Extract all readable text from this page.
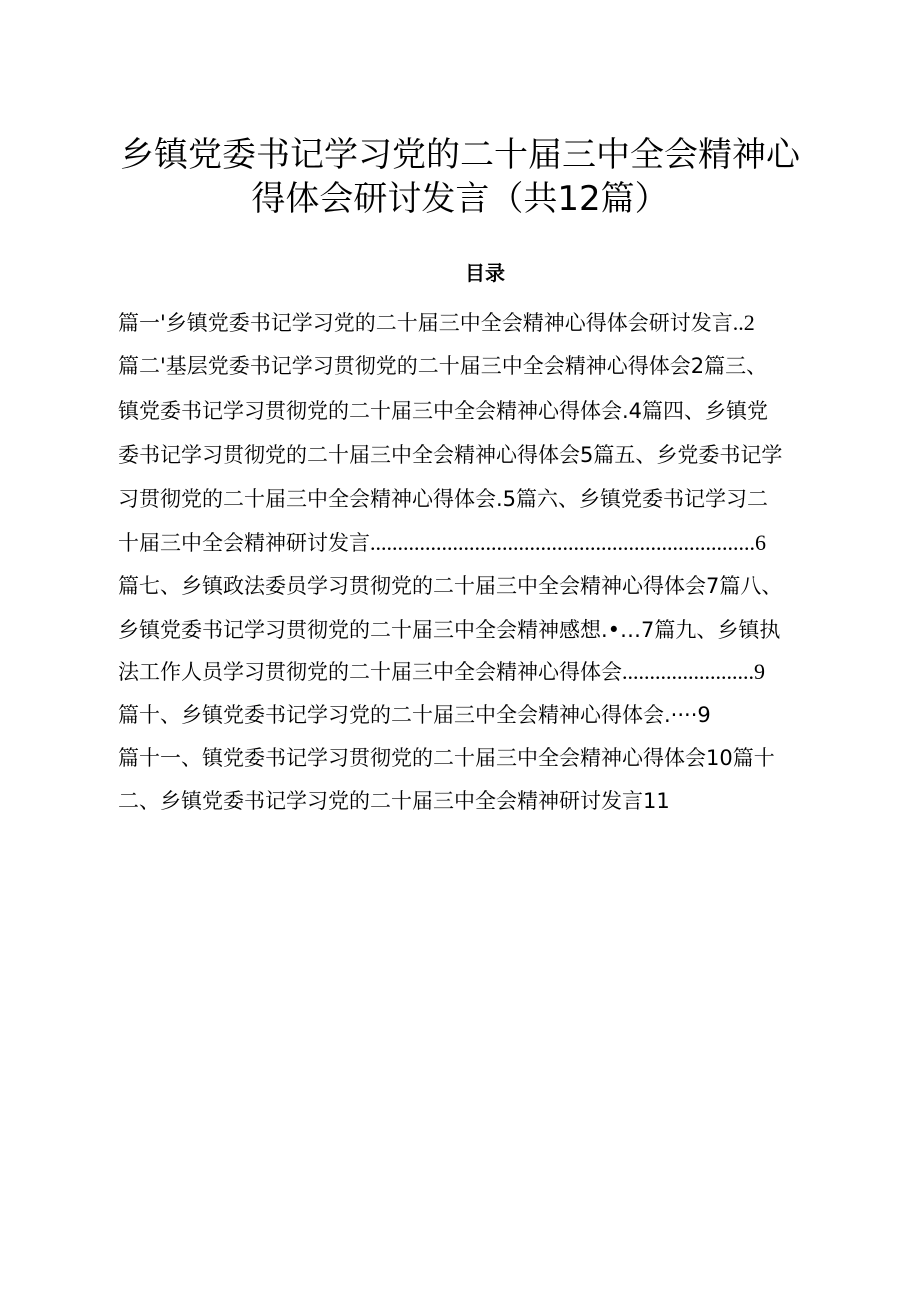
乡镇党委书记学习党的二十届三中全会精神心
得体会研讨发言（共12篇）
目录
篇一'乡镇党委书记学习党的二十届三中全会精神心得体会研讨发言..2
篇二'基层党委书记学习贯彻党的二十届三中全会精神心得体会2篇三、
镇党委书记学习贯彻党的二十届三中全会精神心得体会.4篇四、乡镇党
委书记学习贯彻党的二十届三中全会精神心得体会5篇五、乡党委书记学
习贯彻党的二十届三中全会精神心得体会.5篇六、乡镇党委书记学习二
十届三中全会精神研讨发言......................................................................6
篇七、乡镇政法委员学习贯彻党的二十届三中全会精神心得体会7篇八、
乡镇党委书记学习贯彻党的二十届三中全会精神感想.•…7篇九、乡镇执
法工作人员学习贯彻党的二十届三中全会精神心得体会........................9
篇十、乡镇党委书记学习党的二十届三中全会精神心得体会.····9
篇十一、镇党委书记学习贯彻党的二十届三中全会精神心得体会10篇十
二、乡镇党委书记学习党的二十届三中全会精神研讨发言11
